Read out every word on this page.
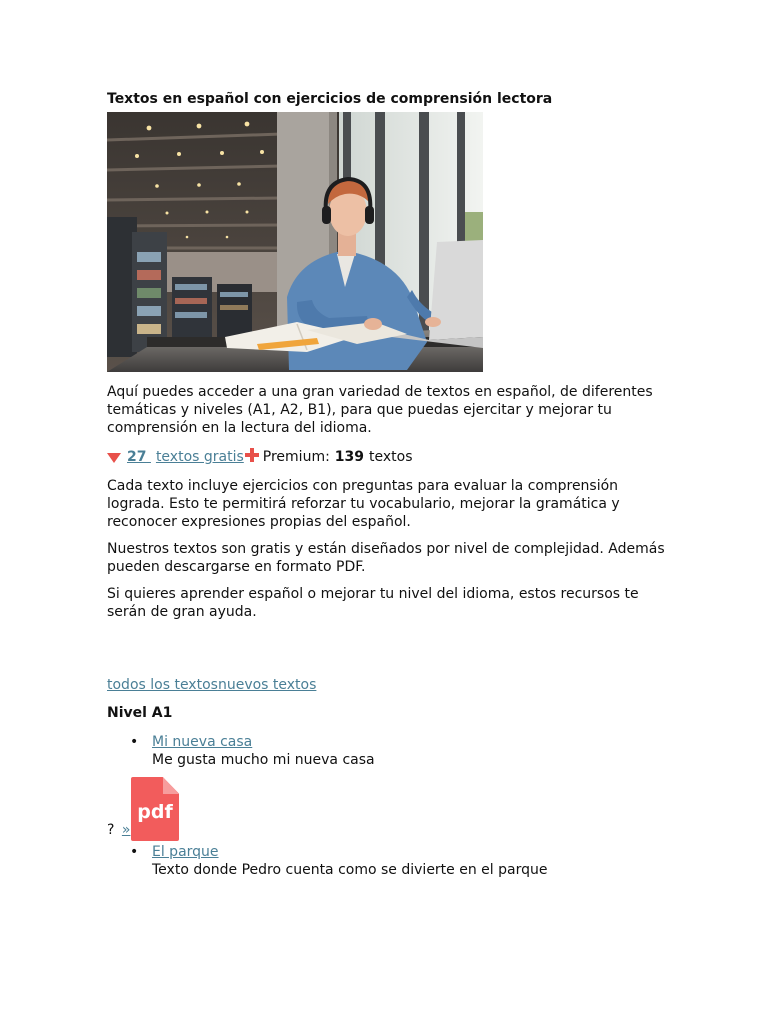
Textos en español con ejercicios de comprensión lectora

Aquí puedes acceder a una gran variedad de textos en español, de diferentes temáticas y niveles (A1, A2, B1), para que puedas ejercitar y mejorar tu comprensión en la lectura del idioma.

27 textos gratis Premium: 139 textos

Cada texto incluye ejercicios con preguntas para evaluar la comprensión lograda. Esto te permitirá reforzar tu vocabulario, mejorar la gramática y reconocer expresiones propias del español.

Nuestros textos son gratis y están diseñados por nivel de complejidad. Además pueden descargarse en formato PDF.

Si quieres aprender español o mejorar tu nivel del idioma, estos recursos te serán de gran ayuda.

todos los textosnuevos textos
Nivel A1
• Mi nueva casa
Me gusta mucho mi nueva casa
? »
pdf
• El parque
Texto donde Pedro cuenta como se divierte en el parque
